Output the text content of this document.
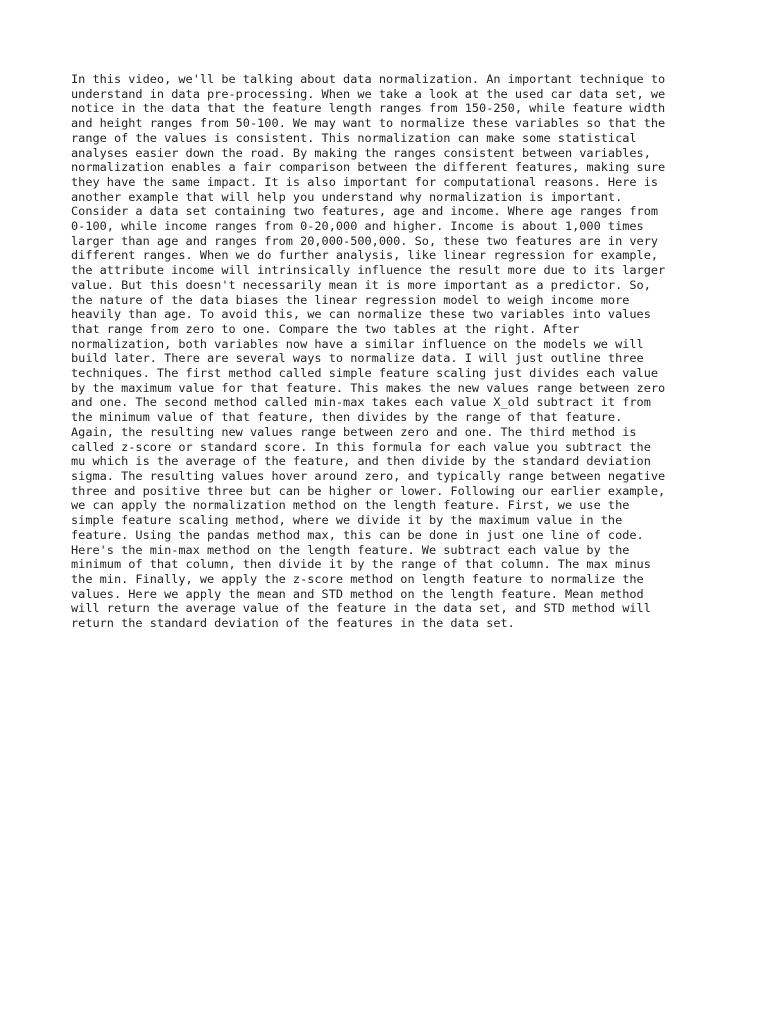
In this video, we'll be talking about data normalization. An important technique to
understand in data pre-processing. When we take a look at the used car data set, we
notice in the data that the feature length ranges from 150-250, while feature width
and height ranges from 50-100. We may want to normalize these variables so that the
range of the values is consistent. This normalization can make some statistical
analyses easier down the road. By making the ranges consistent between variables,
normalization enables a fair comparison between the different features, making sure
they have the same impact. It is also important for computational reasons. Here is
another example that will help you understand why normalization is important.
Consider a data set containing two features, age and income. Where age ranges from
0-100, while income ranges from 0-20,000 and higher. Income is about 1,000 times
larger than age and ranges from 20,000-500,000. So, these two features are in very
different ranges. When we do further analysis, like linear regression for example,
the attribute income will intrinsically influence the result more due to its larger
value. But this doesn't necessarily mean it is more important as a predictor. So,
the nature of the data biases the linear regression model to weigh income more
heavily than age. To avoid this, we can normalize these two variables into values
that range from zero to one. Compare the two tables at the right. After
normalization, both variables now have a similar influence on the models we will
build later. There are several ways to normalize data. I will just outline three
techniques. The first method called simple feature scaling just divides each value
by the maximum value for that feature. This makes the new values range between zero
and one. The second method called min-max takes each value X_old subtract it from
the minimum value of that feature, then divides by the range of that feature.
Again, the resulting new values range between zero and one. The third method is
called z-score or standard score. In this formula for each value you subtract the
mu which is the average of the feature, and then divide by the standard deviation
sigma. The resulting values hover around zero, and typically range between negative
three and positive three but can be higher or lower. Following our earlier example,
we can apply the normalization method on the length feature. First, we use the
simple feature scaling method, where we divide it by the maximum value in the
feature. Using the pandas method max, this can be done in just one line of code.
Here's the min-max method on the length feature. We subtract each value by the
minimum of that column, then divide it by the range of that column. The max minus
the min. Finally, we apply the z-score method on length feature to normalize the
values. Here we apply the mean and STD method on the length feature. Mean method
will return the average value of the feature in the data set, and STD method will
return the standard deviation of the features in the data set.
